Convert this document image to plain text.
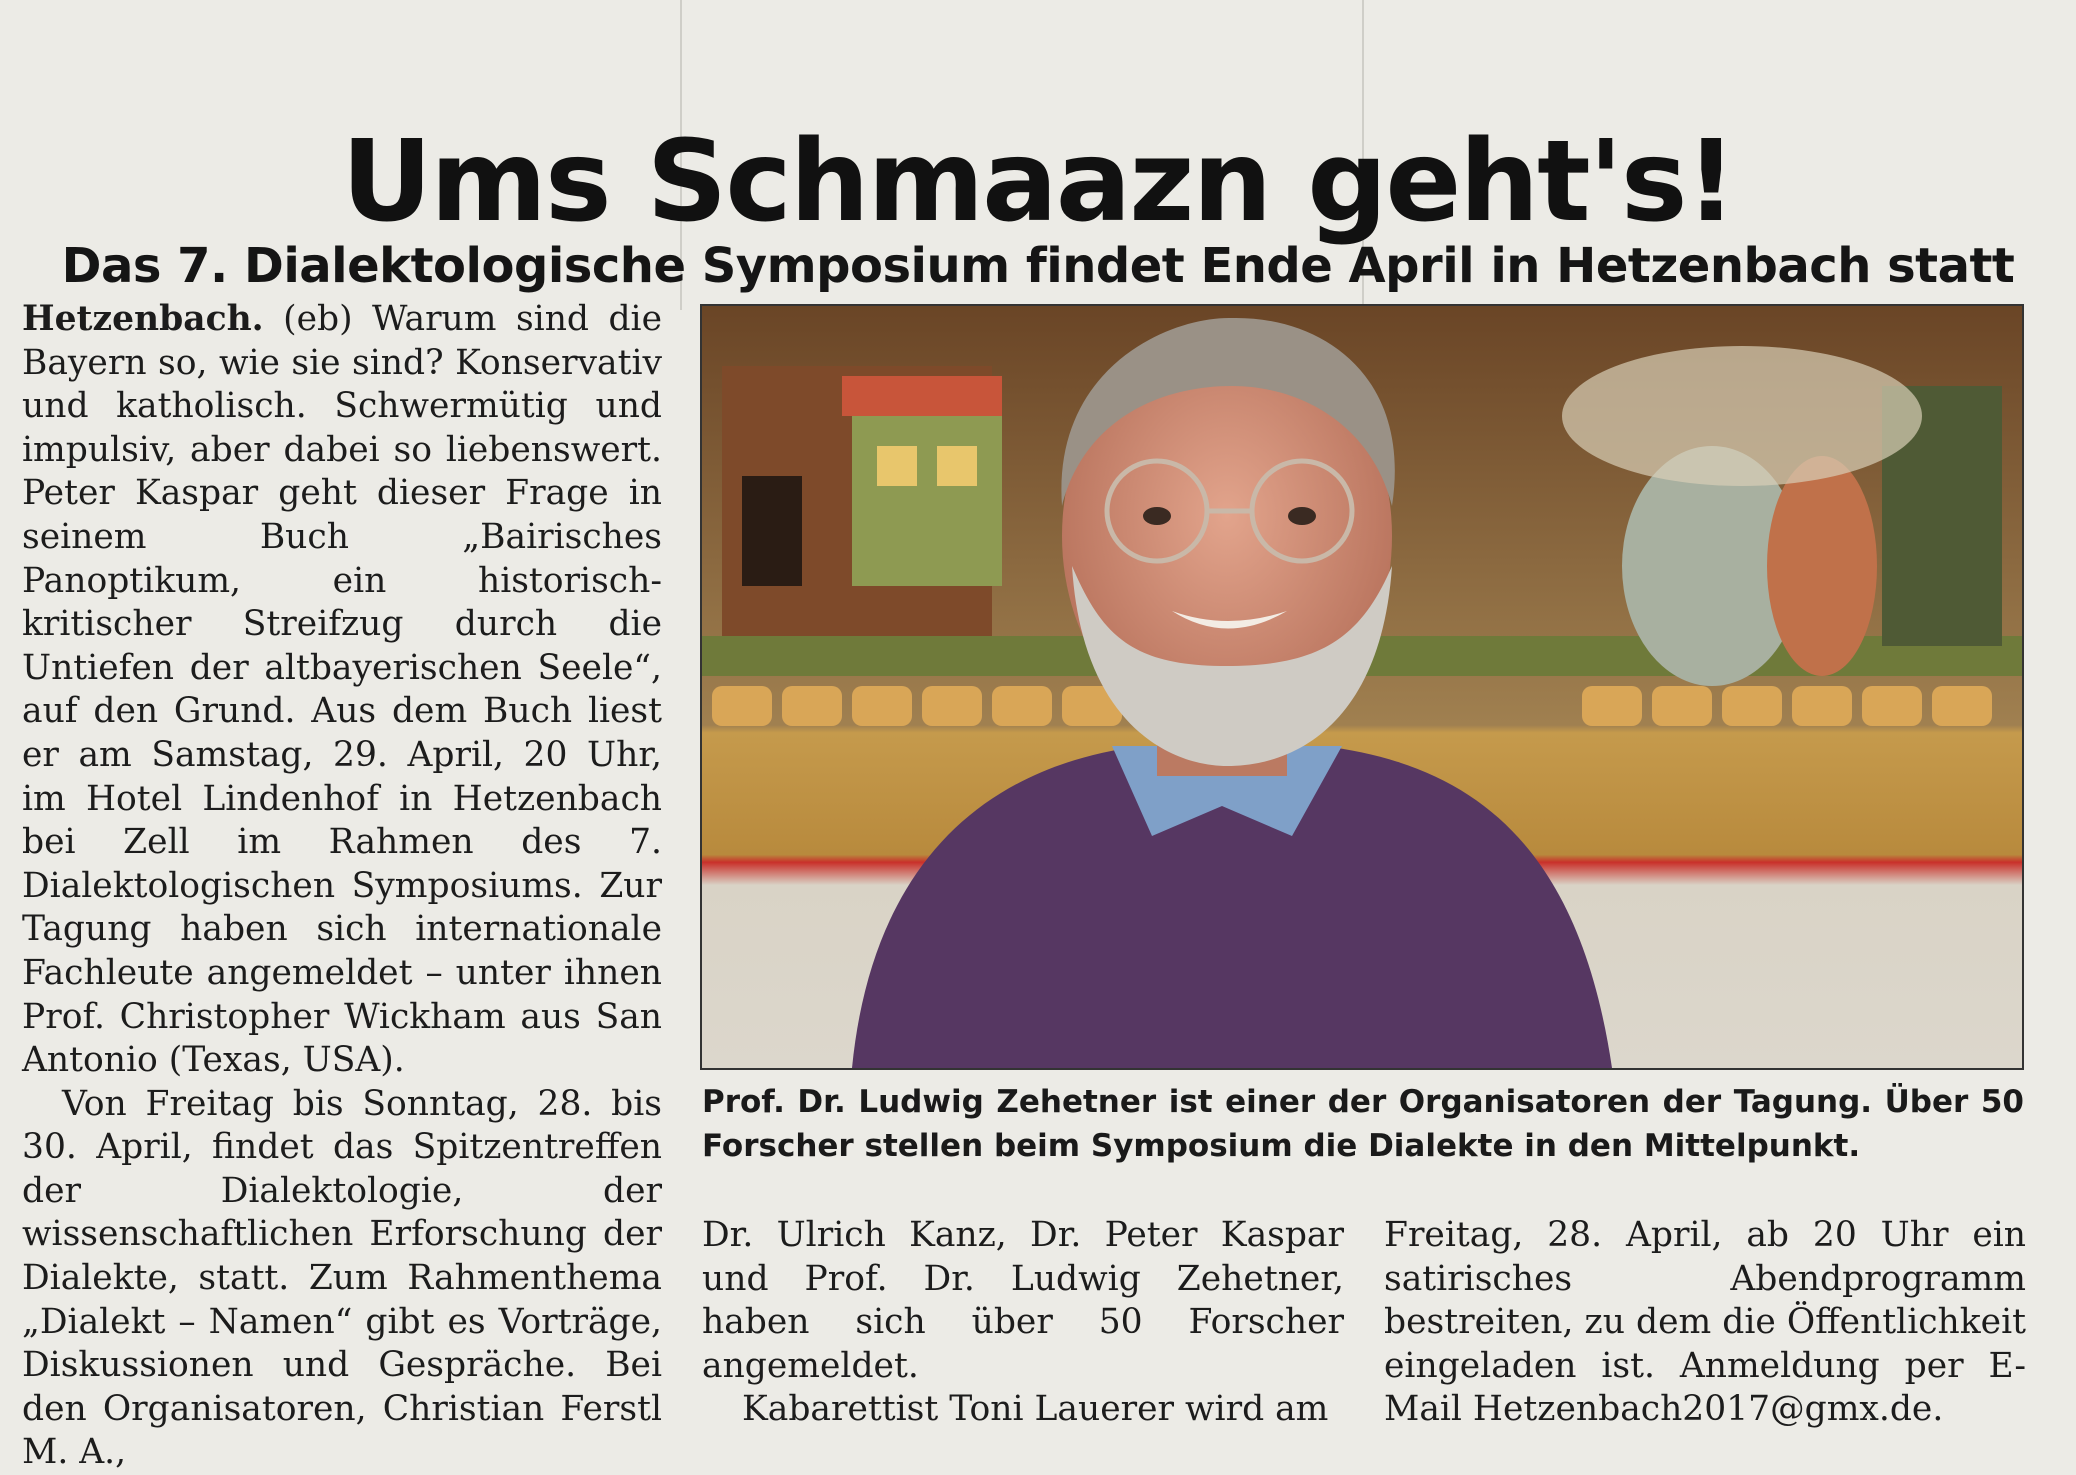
Ums Schmaazn geht's!
Das 7. Dialektologische Symposium findet Ende April in Hetzenbach statt

Hetzenbach. (eb) Warum sind die Bayern so, wie sie sind? Konservativ und katholisch. Schwermütig und impulsiv, aber dabei so liebenswert. Peter Kaspar geht dieser Frage in seinem Buch „Bairisches Panoptikum, ein historisch-kritischer Streifzug durch die Untiefen der altbayerischen Seele“, auf den Grund. Aus dem Buch liest er am Samstag, 29. April, 20 Uhr, im Hotel Lindenhof in Hetzenbach bei Zell im Rahmen des 7. Dialektologischen Symposiums. Zur Tagung haben sich internationale Fachleute angemeldet – unter ihnen Prof. Christopher Wickham aus San Antonio (Texas, USA).

Von Freitag bis Sonntag, 28. bis 30. April, findet das Spitzentreffen der Dialektologie, der wissenschaftlichen Erforschung der Dialekte, statt. Zum Rahmenthema „Dialekt – Namen“ gibt es Vorträge, Diskussionen und Gespräche. Bei den Organisatoren, Christian Ferstl M. A.,

Prof. Dr. Ludwig Zehetner ist einer der Organisatoren der Tagung. Über 50 Forscher stellen beim Symposium die Dialekte in den Mittelpunkt.

Dr. Ulrich Kanz, Dr. Peter Kaspar und Prof. Dr. Ludwig Zehetner, haben sich über 50 Forscher angemeldet.

Kabarettist Toni Lauerer wird am

Freitag, 28. April, ab 20 Uhr ein satirisches Abendprogramm bestreiten, zu dem die Öffentlichkeit eingeladen ist. Anmeldung per E-Mail Hetzenbach2017@gmx.de.
